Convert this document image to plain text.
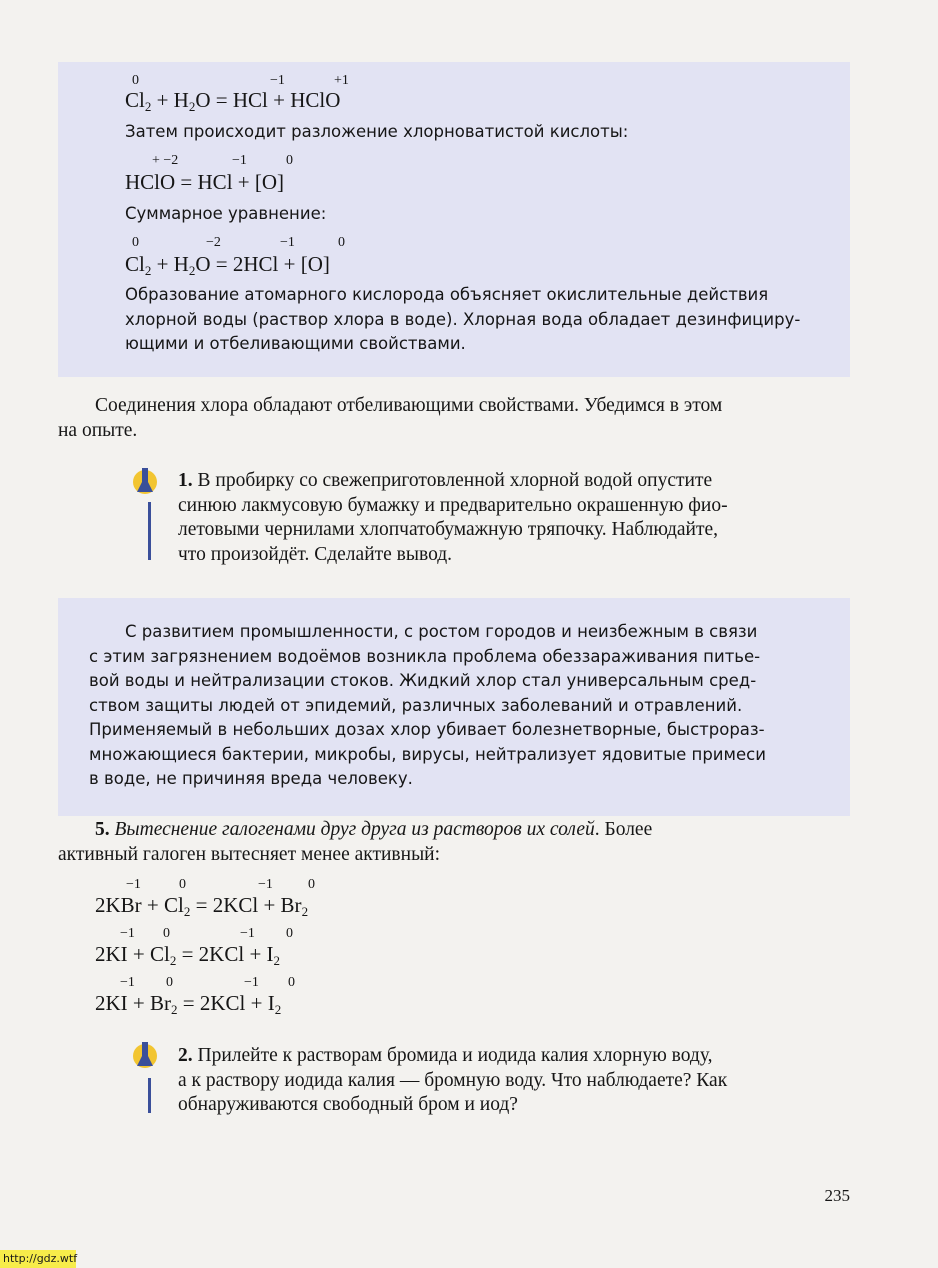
0	−1	+1
$Cl_2 + H_2O$ = HCl + HClO
Затем происходит разложение хлорноватистой кислоты:
+ −2	−1	0
HClO = HCl + [O]
Суммарное уравнение:
0	−2	−1	0
$Cl_2 + H_2O = 2HCl + [O]$
Образование атомарного кислорода объясняет окислительные действия
хлорной воды (раствор хлора в воде). Хлорная вода обладает дезинфициру-
ющими и отбеливающими свойствами.
Соединения хлора обладают отбеливающими свойствами. Убедимся в этом
на опыте.
1. В пробирку со свежеприготовленной хлорной водой опустите
синюю лакмусовую бумажку и предварительно окрашенную фио-
летовыми чернилами хлопчатобумажную тряпочку. Наблюдайте,
что произойдёт. Сделайте вывод.
С развитием промышленности, с ростом городов и неизбежным в связи
с этим загрязнением водоёмов возникла проблема обеззараживания питье-
вой воды и нейтрализации стоков. Жидкий хлор стал универсальным сред-
ством защиты людей от эпидемий, различных заболеваний и отравлений.
Применяемый в небольших дозах хлор убивает болезнетворные, быстрораз-
множающиеся бактерии, микробы, вирусы, нейтрализует ядовитые примеси
в воде, не причиняя вреда человеку.
5. Вытеснение галогенами друг друга из растворов их солей. Более
активный галоген вытесняет менее активный:
−1	0	−1	0
$2KBr + Cl_2 = 2KCl + Br_2$
−1 0	−1 0
$2KI + Cl_2 = 2KCl + I_2$
−1 0	−1 0
$2KI + Br_2 = 2KCl + I_2$
2. Прилейте к растворам бромида и иодида калия хлорную воду,
а к раствору иодида калия — бромную воду. Что наблюдаете? Как
обнаруживаются свободный бром и иод?
235
http://gdz.wtf
